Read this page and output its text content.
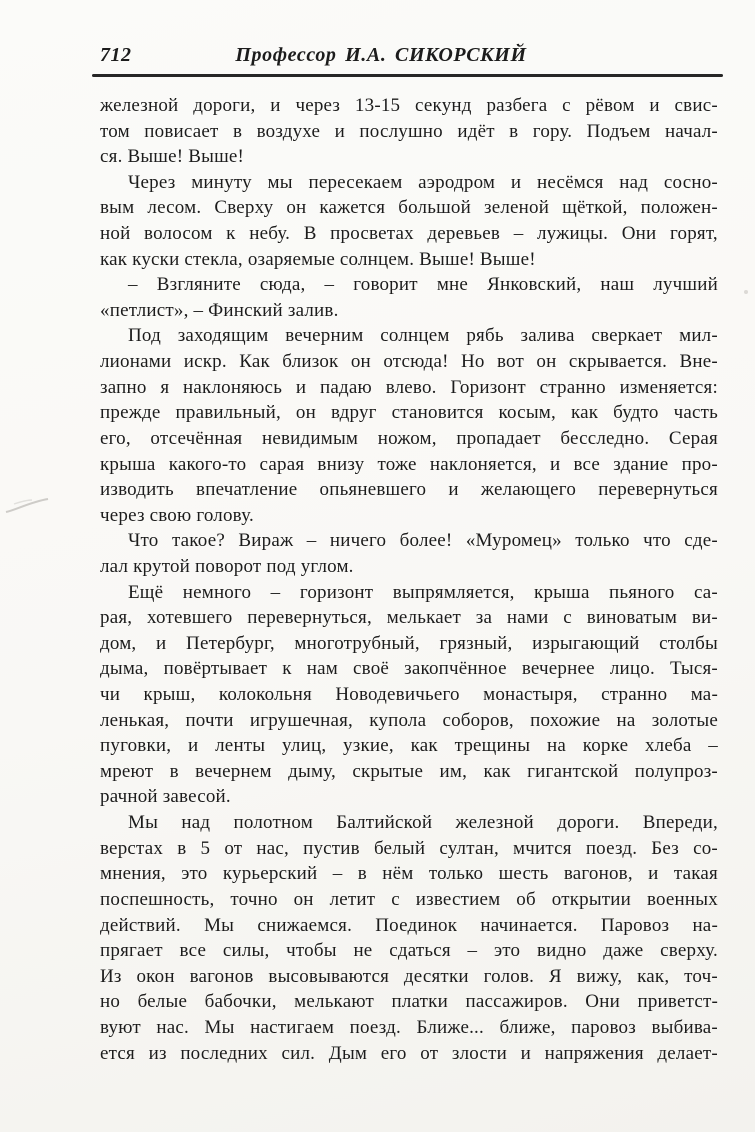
712	Профессор И.А. СИКОРСКИЙ
железной дороги, и через 13-15 секунд разбега с рёвом и свис-
том повисает в воздухе и послушно идёт в гору. Подъем начал-
ся. Выше! Выше!
Через минуту мы пересекаем аэродром и несёмся над сосно-
вым лесом. Сверху он кажется большой зеленой щёткой, положен-
ной волосом к небу. В просветах деревьев – лужицы. Они горят,
как куски стекла, озаряемые солнцем. Выше! Выше!
– Взгляните сюда, – говорит мне Янковский, наш лучший
«петлист», – Финский залив.
Под заходящим вечерним солнцем рябь залива сверкает мил-
лионами искр. Как близок он отсюда! Но вот он скрывается. Вне-
запно я наклоняюсь и падаю влево. Горизонт странно изменяется:
прежде правильный, он вдруг становится косым, как будто часть
его, отсечённая невидимым ножом, пропадает бесследно. Серая
крыша какого-то сарая внизу тоже наклоняется, и все здание про-
изводить впечатление опьяневшего и желающего перевернуться
через свою голову.
Что такое? Вираж – ничего более! «Муромец» только что сде-
лал крутой поворот под углом.
Ещё немного – горизонт выпрямляется, крыша пьяного са-
рая, хотевшего перевернуться, мелькает за нами с виноватым ви-
дом, и Петербург, многотрубный, грязный, изрыгающий столбы
дыма, повёртывает к нам своё закопчённое вечернее лицо. Тыся-
чи крыш, колокольня Новодевичьего монастыря, странно ма-
ленькая, почти игрушечная, купола соборов, похожие на золотые
пуговки, и ленты улиц, узкие, как трещины на корке хлеба –
мреют в вечернем дыму, скрытые им, как гигантской полупроз-
рачной завесой.
Мы над полотном Балтийской железной дороги. Впереди,
верстах в 5 от нас, пустив белый султан, мчится поезд. Без со-
мнения, это курьерский – в нём только шесть вагонов, и такая
поспешность, точно он летит с известием об открытии военных
действий. Мы снижаемся. Поединок начинается. Паровоз на-
прягает все силы, чтобы не сдаться – это видно даже сверху.
Из окон вагонов высовываются десятки голов. Я вижу, как, точ-
но белые бабочки, мелькают платки пассажиров. Они приветст-
вуют нас. Мы настигаем поезд. Ближе... ближе, паровоз выбива-
ется из последних сил. Дым его от злости и напряжения делает-
